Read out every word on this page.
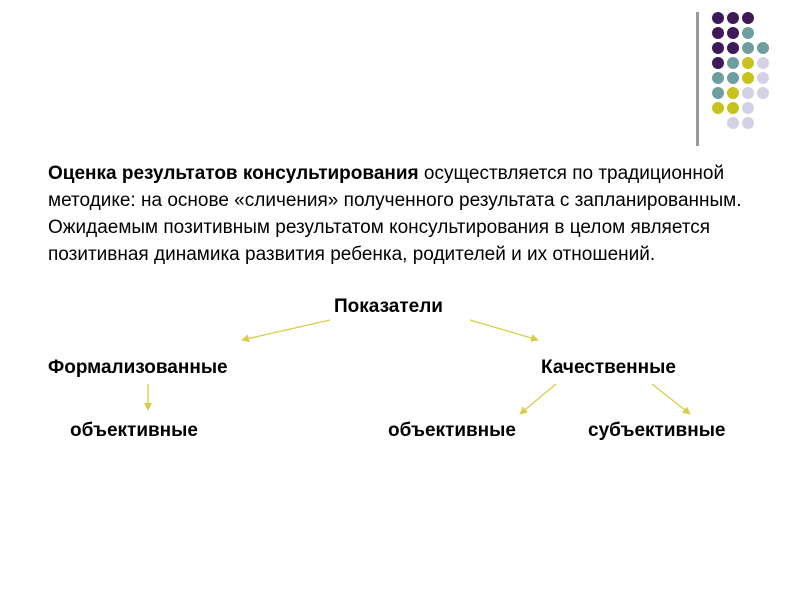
Оценка результатов консультирования осуществляется по традиционной методике: на основе «сличения» полученного результата с запланированным. Ожидаемым позитивным результатом консультирования в целом является позитивная динамика развития ребенка, родителей и их отношений.

Показатели

Формализованные	Качественные

объективные	объективные	субъективные
